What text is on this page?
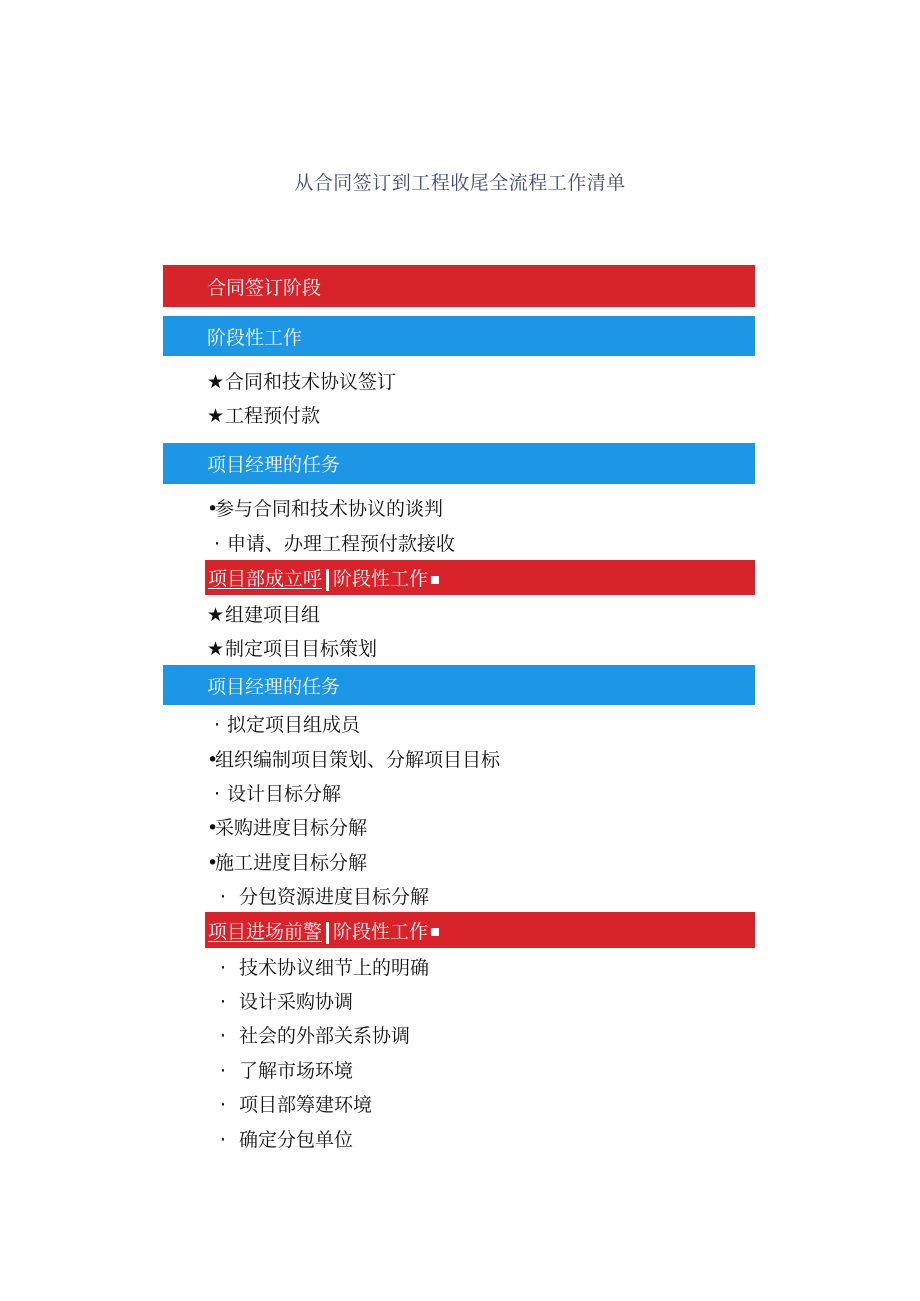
从合同签订到工程收尾全流程工作清单
合同签订阶段
阶段性工作
★合同和技术协议签订
★工程预付款
项目经理的任务
•参与合同和技术协议的谈判
· 申请、办理工程预付款接收
项目部成立呼 阶段性工作
★组建项目组
★制定项目目标策划
项目经理的任务
· 拟定项目组成员
•组织编制项目策划、分解项目目标
· 设计目标分解
•采购进度目标分解
•施工进度目标分解
· 分包资源进度目标分解
项目进场前警 阶段性工作
· 技术协议细节上的明确
· 设计采购协调
· 社会的外部关系协调
· 了解市场环境
· 项目部筹建环境
· 确定分包单位
